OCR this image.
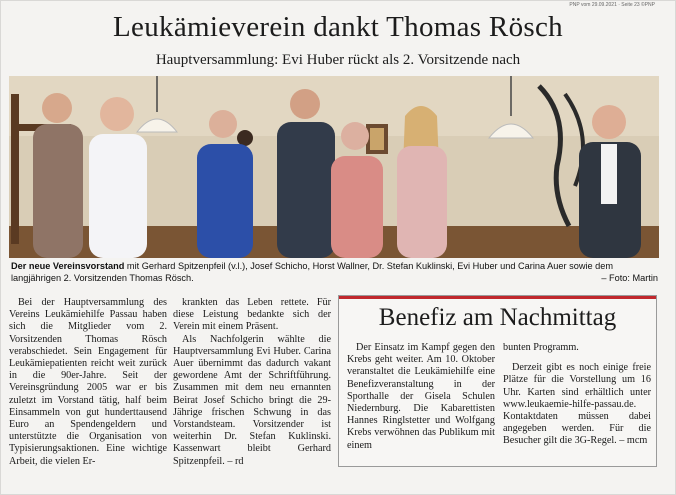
PNP vom 29.09.2021 · Seite 23 ©PNP
Leukämieverein dankt Thomas Rösch
Hauptversammlung: Evi Huber rückt als 2. Vorsitzende nach

Der neue Vereinsvorstand mit Gerhard Spitzenpfeil (v.l.), Josef Schicho, Horst Wallner, Dr. Stefan Kuklinski, Evi Huber und Carina Auer sowie dem langjährigen 2. Vorsitzenden Thomas Rösch.	– Foto: Martin

Bei der Hauptversammlung des Vereins Leukämiehilfe Passau haben sich die Mitglieder vom 2. Vorsitzenden Thomas Rösch verabschiedet. Sein Engagement für Leukämiepatienten reicht weit zurück in die 90er-Jahre. Seit der Vereinsgründung 2005 war er bis zuletzt im Vorstand tätig, half beim Einsammeln von gut hunderttausend Euro an Spendengeldern und unterstützte die Organisation von Typisierungsaktionen. Eine wichtige Arbeit, die vielen Er-

krankten das Leben rettete. Für diese Leistung bedankte sich der Verein mit einem Präsent.

Als Nachfolgerin wählte die Hauptversammlung Evi Huber. Carina Auer übernimmt das dadurch vakant gewordene Amt der Schriftführung. Zusammen mit dem neu ernannten Beirat Josef Schicho bringt die 29-Jährige frischen Schwung in das Vorstandsteam. Vorsitzender ist weiterhin Dr. Stefan Kuklinski. Kassenwart bleibt Gerhard Spitzenpfeil. – rd

Benefiz am Nachmittag

Der Einsatz im Kampf gegen den Krebs geht weiter. Am 10. Oktober veranstaltet die Leukämiehilfe eine Benefizveranstaltung in der Sporthalle der Gisela Schulen Niedernburg. Die Kabarettisten Hannes Ringlstetter und Wolfgang Krebs verwöhnen das Publikum mit einem

bunten Programm.

Derzeit gibt es noch einige freie Plätze für die Vorstellung um 16 Uhr. Karten sind erhältlich unter www.leukaemie-hilfe-passau.de. Kontaktdaten müssen dabei angegeben werden. Für die Besucher gilt die 3G-Regel. – mcm
